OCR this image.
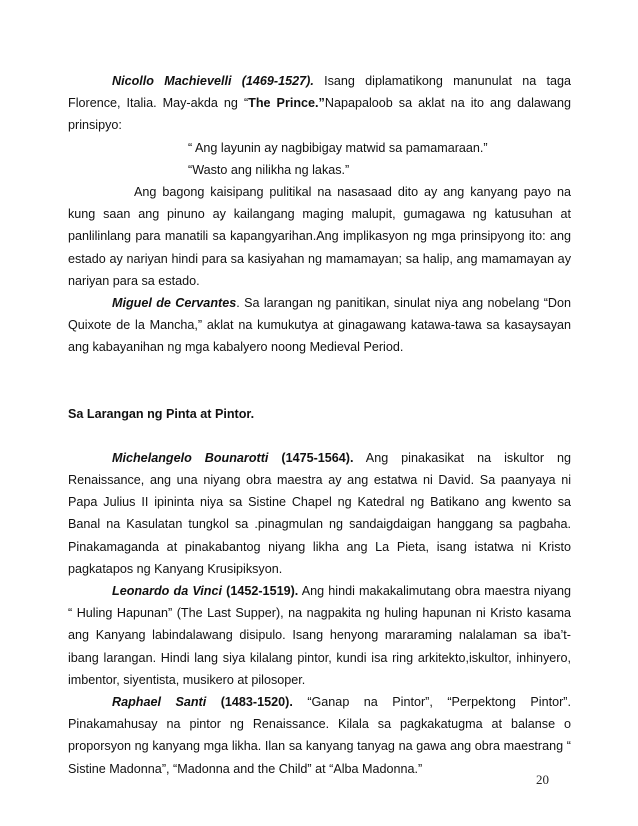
Nicollo Machievelli (1469-1527). Isang diplamatikong manunulat na taga Florence, Italia. May-akda ng “The Prince.”Napapaloob sa aklat na ito ang dalawang prinsipyo:

“ Ang layunin ay nagbibigay matwid sa pamamaraan.”

“Wasto ang nilikha ng lakas.”

Ang bagong kaisipang pulitikal na nasasaad dito ay ang kanyang payo na kung saan ang pinuno ay kailangang maging malupit, gumagawa ng katusuhan at panlilinlang para manatili sa kapangyarihan.Ang implikasyon ng mga prinsipyong ito: ang estado ay nariyan hindi para sa kasiyahan ng mamamayan; sa halip, ang mamamayan ay nariyan para sa estado.

Miguel de Cervantes. Sa larangan ng panitikan, sinulat niya ang nobelang “Don Quixote de la Mancha,” aklat na kumukutya at ginagawang katawa-tawa sa kasaysayan ang kabayanihan ng mga kabalyero noong Medieval Period.

Sa Larangan ng Pinta at Pintor.

Michelangelo Bounarotti (1475-1564). Ang pinakasikat na iskultor ng Renaissance, ang una niyang obra maestra ay ang estatwa ni David. Sa paanyaya ni Papa Julius II ipininta niya sa Sistine Chapel ng Katedral ng Batikano ang kwento sa Banal na Kasulatan tungkol sa .pinagmulan ng sandaigdaigan hanggang sa pagbaha. Pinakamaganda at pinakabantog niyang likha ang La Pieta, isang istatwa ni Kristo pagkatapos ng Kanyang Krusipiksyon.

Leonardo da Vinci (1452-1519). Ang hindi makakalimutang obra maestra niyang “ Huling Hapunan” (The Last Supper), na nagpakita ng huling hapunan ni Kristo kasama ang Kanyang labindalawang disipulo. Isang henyong mararaming nalalaman sa iba’t- ibang larangan. Hindi lang siya kilalang pintor, kundi isa ring arkitekto,iskultor, inhinyero, imbentor, siyentista, musikero at pilosoper.

Raphael Santi (1483-1520). “Ganap na Pintor”, “Perpektong Pintor”. Pinakamahusay na pintor ng Renaissance. Kilala sa pagkakatugma at balanse o proporsyon ng kanyang mga likha. Ilan sa kanyang tanyag na gawa ang obra maestrang “ Sistine Madonna”, “Madonna and the Child” at “Alba Madonna.”

20
